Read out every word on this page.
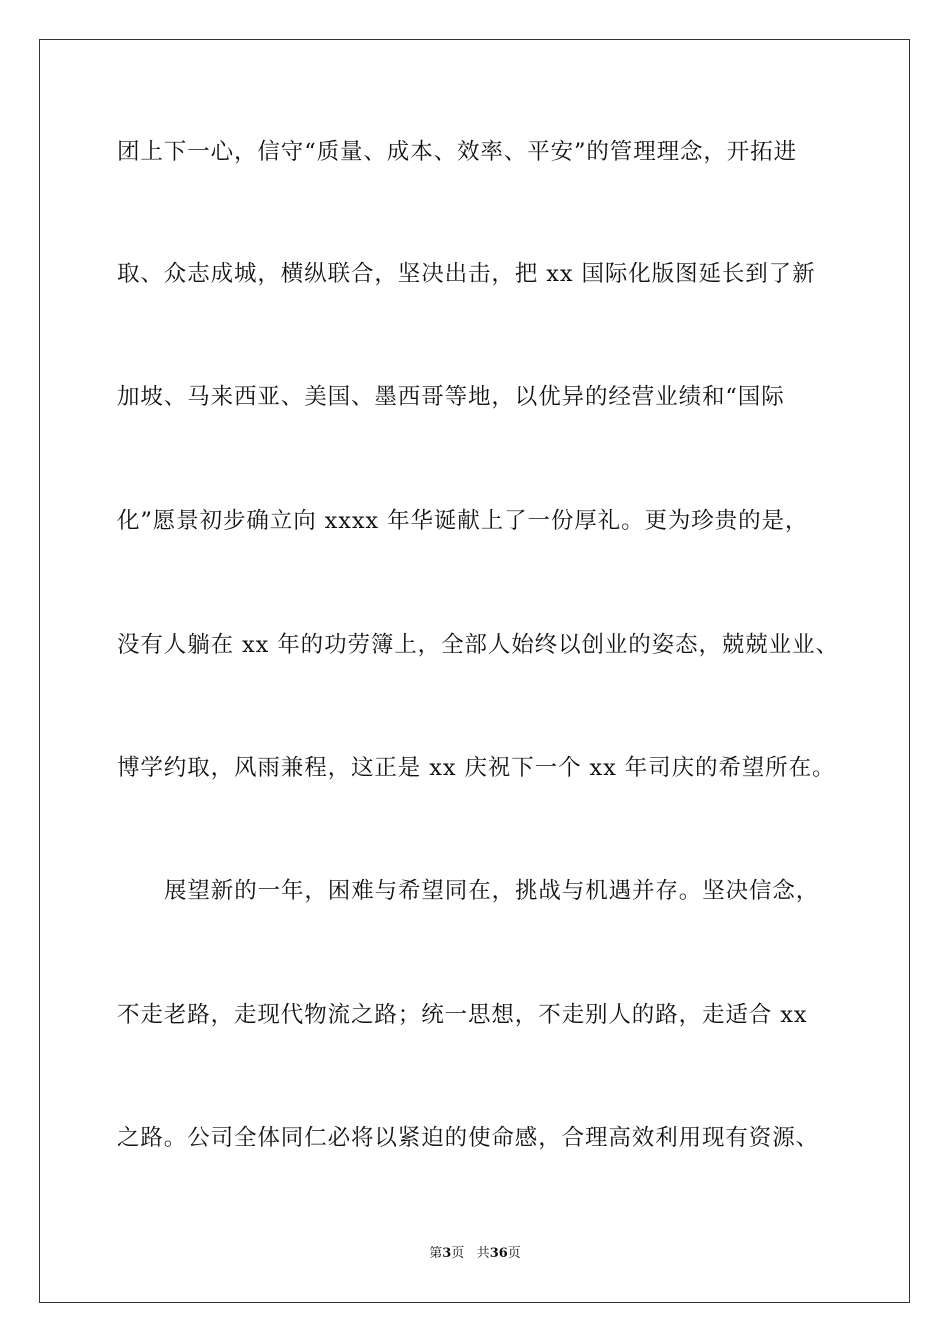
团上下一心，信守“质量、成本、效率、平安”的管理理念，开拓进
取、众志成城，横纵联合，坚决出击，把 xx 国际化版图延长到了新
加坡、马来西亚、美国、墨西哥等地，以优异的经营业绩和“国际
化”愿景初步确立向 xxxx 年华诞献上了一份厚礼。更为珍贵的是，
没有人躺在 xx 年的功劳簿上，全部人始终以创业的姿态，兢兢业业、
博学约取，风雨兼程，这正是 xx 庆祝下一个 xx 年司庆的希望所在。
展望新的一年，困难与希望同在，挑战与机遇并存。坚决信念，
不走老路，走现代物流之路；统一思想，不走别人的路，走适合 xx
之路。公司全体同仁必将以紧迫的使命感，合理高效利用现有资源、
第3页 共36页
